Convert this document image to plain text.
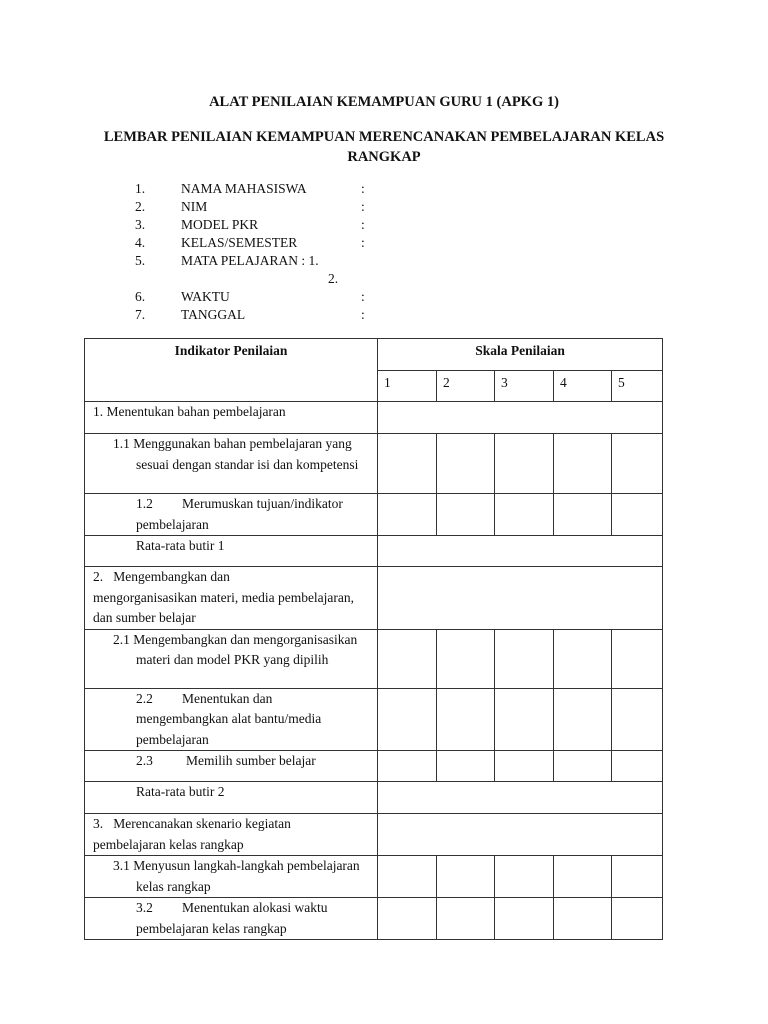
ALAT PENILAIAN KEMAMPUAN GURU 1 (APKG 1)
LEMBAR PENILAIAN KEMAMPUAN MERENCANAKAN PEMBELAJARAN KELAS
RANGKAP
1.	NAMA MAHASISWA	:
2.	NIM	:
3.	MODEL PKR	:
4.	KELAS/SEMESTER	:
5.	MATA PELAJARAN : 1.
2.
6.	WAKTU	:
7.	TANGGAL	:
Indikator Penilaian	Skala Penilaian				
	1	2	3	4	5
1. Menentukan bahan pembelajaran					
1.1 Menggunakan bahan pembelajaran yang sesuai dengan standar isi dan kompetensi					
1.2 Merumuskan tujuan/indikator
pembelajaran					
Rata-rata butir 1					
2. Mengembangkan dan
mengorganisasikan materi, media pembelajaran, dan sumber belajar					
2.1 Mengembangkan dan mengorganisasikan materi dan model PKR yang dipilih					
2.2 Menentukan dan
mengembangkan alat bantu/media pembelajaran					
2.3 Memilih sumber belajar					
Rata-rata butir 2					
3. Merencanakan skenario kegiatan
pembelajaran kelas rangkap					
3.1 Menyusun langkah-langkah pembelajaran kelas rangkap					
3.2 Menentukan alokasi waktu
pembelajaran kelas rangkap					
